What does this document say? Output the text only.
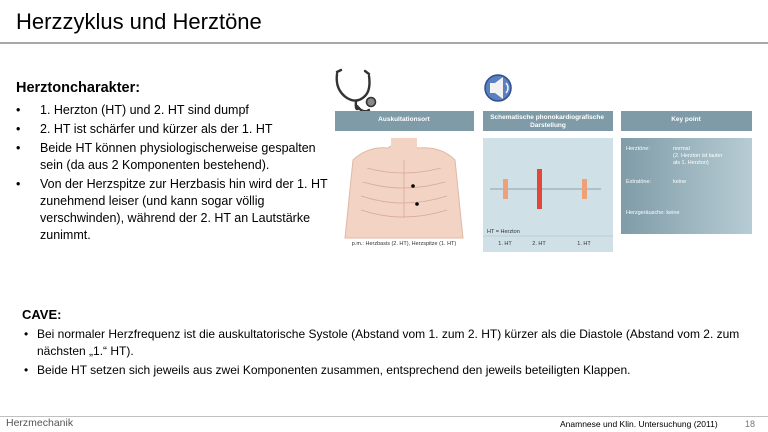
Herzzyklus und Herztöne
Herztoncharakter:
• 1. Herzton (HT) und 2. HT sind dumpf
• 2. HT ist schärfer und kürzer als der 1. HT
• Beide HT können physiologischerweise gespalten sein (da aus 2 Komponenten bestehend).
• Von der Herzspitze zur Herzbasis hin wird der 1. HT zunehmend leiser (und kann sogar völlig verschwinden), während der 2. HT an Lautstärke zunimmt.
Auskultationsort	Schematische phonokardiografische Darstellung
Key point
p.m.: Herzbasis (2. HT), Herzspitze (1. HT)
HT = Herzton
1. HT	2. HT	1. HT
Herztöne:	normal
(2. Herzton ist lauter
als 1. Herzton)
Extratöne:	keine
Herzgeräusche: keine
CAVE:
• Bei normaler Herzfrequenz ist die auskultatorische Systole (Abstand vom 1. zum 2. HT) kürzer als die Diastole (Abstand vom 2. zum nächsten „1.“ HT).
• Beide HT setzen sich jeweils aus zwei Komponenten zusammen, entsprechend den jeweils beteiligten Klappen.
Herzmechanik	Anamnese und Klin. Untersuchung (2011)	18
